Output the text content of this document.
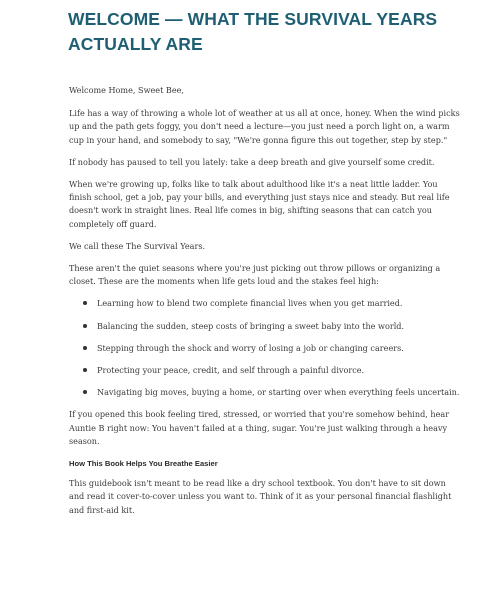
WELCOME — WHAT THE SURVIVAL YEARS ACTUALLY ARE

Welcome Home, Sweet Bee,

Life has a way of throwing a whole lot of weather at us all at once, honey. When the wind picks up and the path gets foggy, you don't need a lecture—you just need a porch light on, a warm cup in your hand, and somebody to say, "We're gonna figure this out together, step by step."

If nobody has paused to tell you lately: take a deep breath and give yourself some credit.

When we're growing up, folks like to talk about adulthood like it's a neat little ladder. You finish school, get a job, pay your bills, and everything just stays nice and steady. But real life doesn't work in straight lines. Real life comes in big, shifting seasons that can catch you completely off guard.

We call these The Survival Years.

These aren't the quiet seasons where you're just picking out throw pillows or organizing a closet. These are the moments when life gets loud and the stakes feel high:

Learning how to blend two complete financial lives when you get married.
Balancing the sudden, steep costs of bringing a sweet baby into the world.
Stepping through the shock and worry of losing a job or changing careers.
Protecting your peace, credit, and self through a painful divorce.
Navigating big moves, buying a home, or starting over when everything feels uncertain.

If you opened this book feeling tired, stressed, or worried that you're somehow behind, hear Auntie B right now: You haven't failed at a thing, sugar. You're just walking through a heavy season.

How This Book Helps You Breathe Easier

This guidebook isn't meant to be read like a dry school textbook. You don't have to sit down and read it cover-to-cover unless you want to. Think of it as your personal financial flashlight and first-aid kit.
